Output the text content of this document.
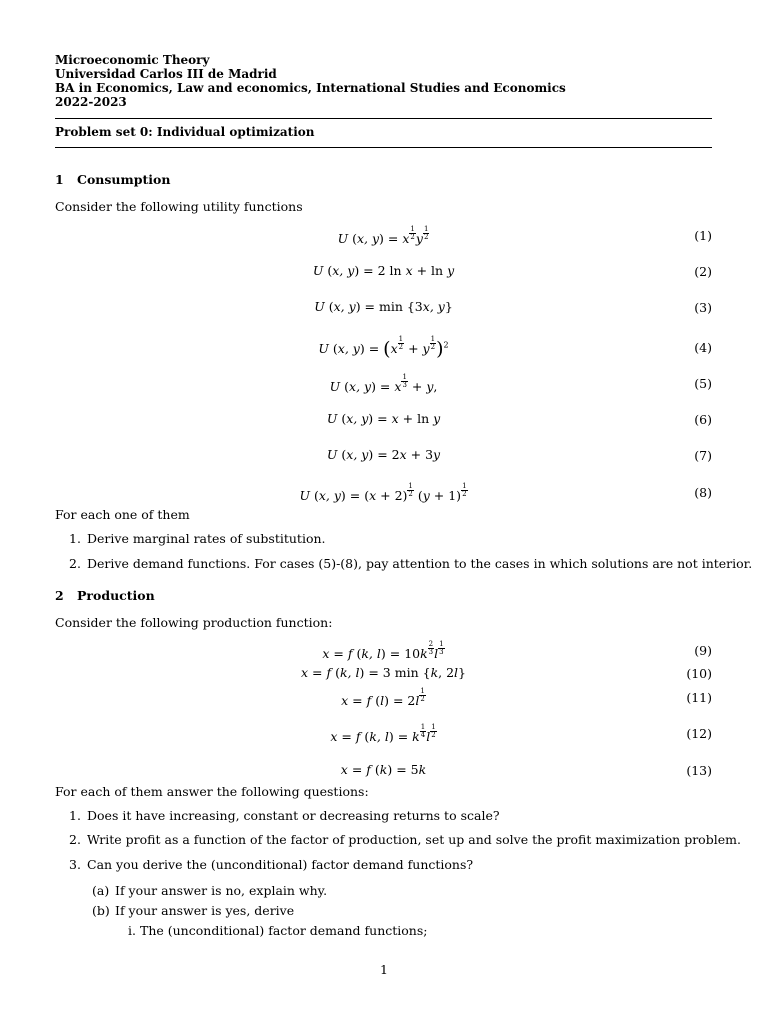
Microeconomic Theory
Universidad Carlos III de Madrid
BA in Economics, Law and economics, International Studies and Economics
2022-2023
Problem set 0: Individual optimization
1 Consumption
Consider the following utility functions
U (x, y) = x $\frac{1}{2}$ y $\frac{1}{2}$	(1)
U (x, y) = 2 ln x + ln y	(2)
U (x, y) = min {3x, y}	(3)
U (x, $y) = (x \frac{1}{2} + y \frac{1}{2} )^2$	(4)
U (x, y) = x $\frac{1}{3} + y$,	(5)
U (x, y) = x + ln y	(6)
U (x, y) = 2x + 3y	(7)
U (x, $y) = (x + 2) \frac{1}{2} (y + 1) \frac{1}{2}$	(8)
For each one of them
1. Derive marginal rates of substitution.
2. Derive demand functions. For cases (5)-(8), pay attention to the cases in which solutions are not interior.
2 Production
Consider the following production function:
x = f (k, $l) = 10k \frac{2}{3}$ l $\frac{1}{3}$	(9)
x = f (k, l) = 3 min {k, 2l}	(10)
x = f $(l) = 2l \frac{1}{2}$	(11)
x = f (k, l) = k $\frac{1}{4}$ l $\frac{1}{2}$	(12)
x = f (k) = 5k	(13)
For each of them answer the following questions:
1. Does it have increasing, constant or decreasing returns to scale?
2. Write profit as a function of the factor of production, set up and solve the profit maximization problem.
3. Can you derive the (unconditional) factor demand functions?
(a) If your answer is no, explain why.
(b) If your answer is yes, derive
i. The (unconditional) factor demand functions;
1
